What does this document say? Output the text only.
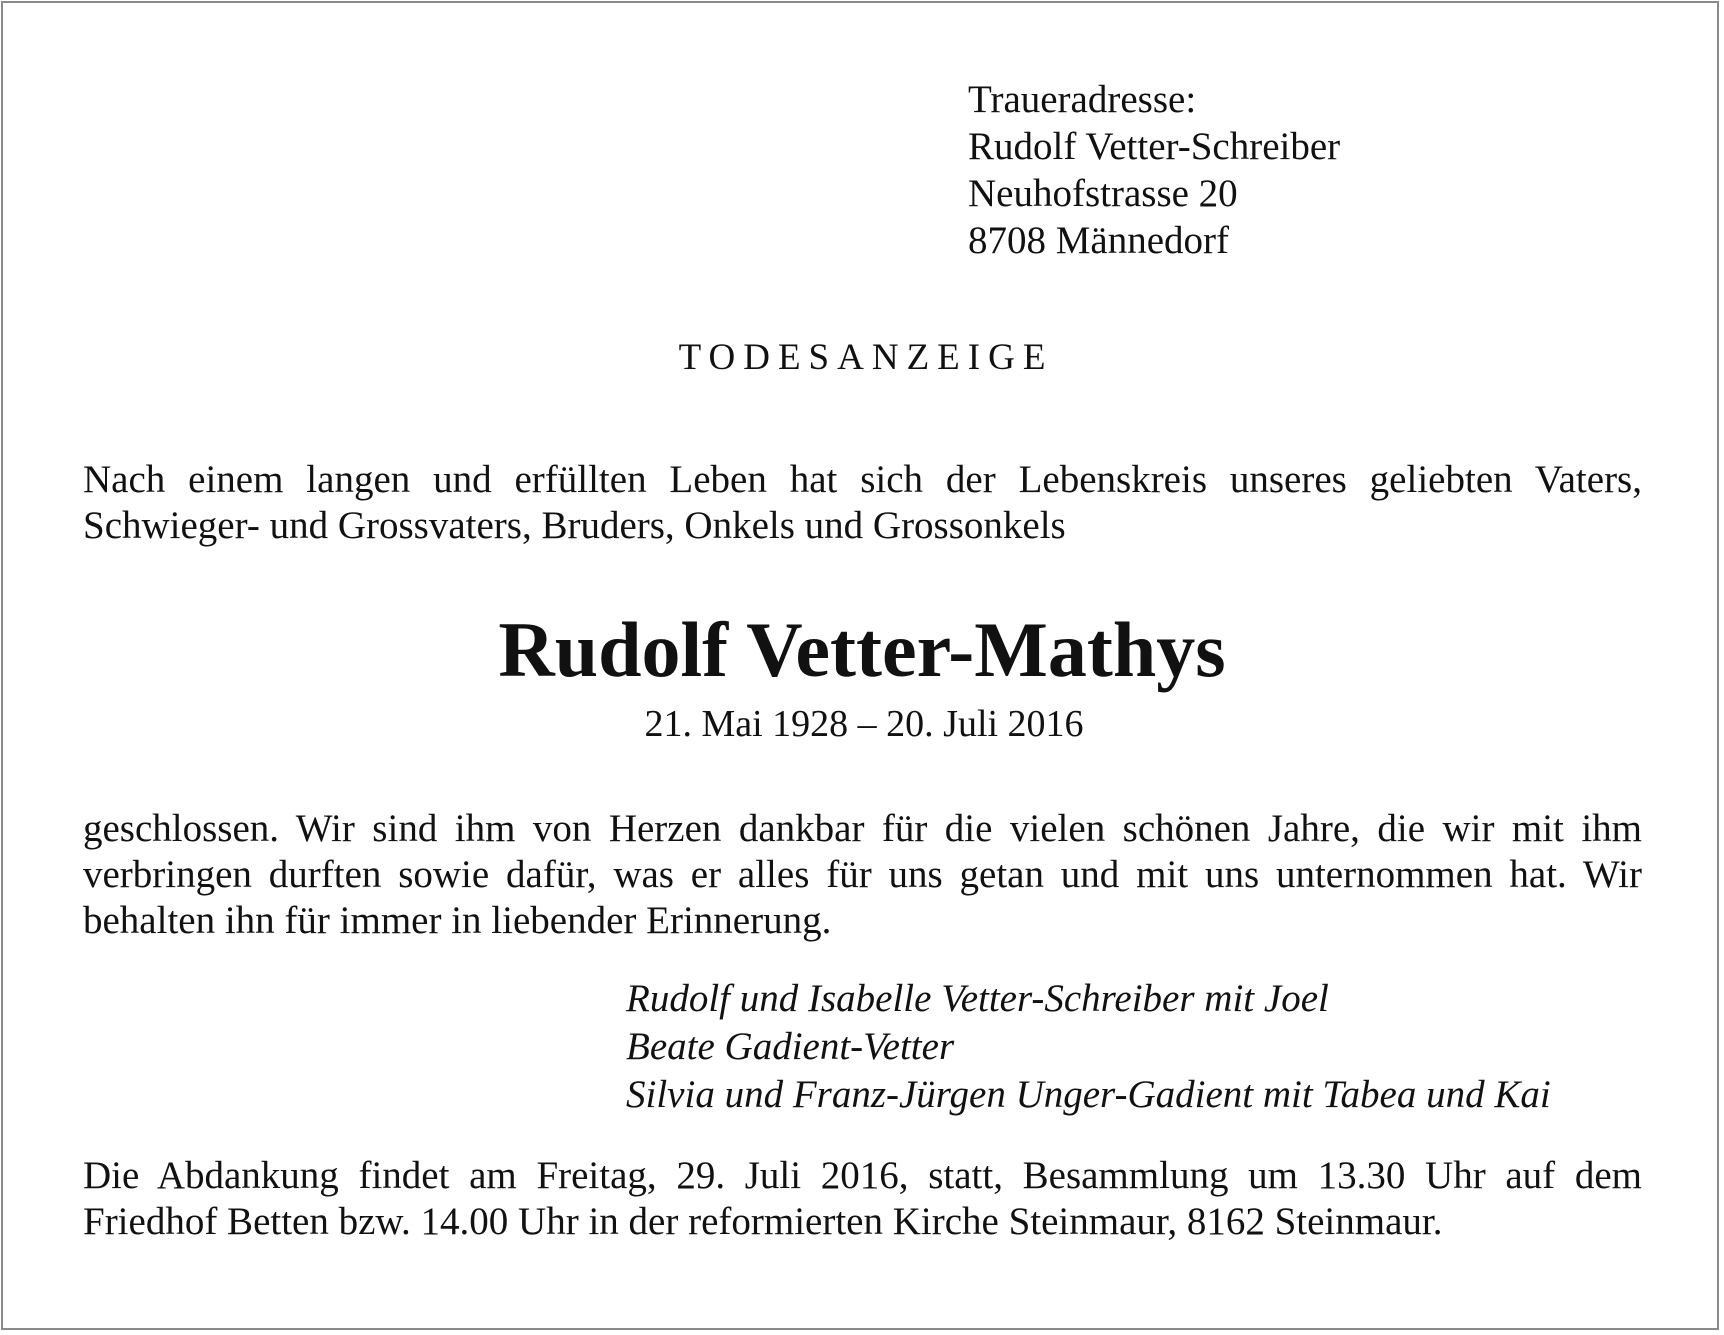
Traueradresse:
Rudolf Vetter-Schreiber
Neuhofstrasse 20
8708 Männedorf
TODESANZEIGE
Nach einem langen und erfüllten Leben hat sich der Lebenskreis unseres geliebten Vaters, Schwieger- und Grossvaters, Bruders, Onkels und Grossonkels
Rudolf Vetter-Mathys
21. Mai 1928 – 20. Juli 2016
geschlossen. Wir sind ihm von Herzen dankbar für die vielen schönen Jahre, die wir mit ihm verbringen durften sowie dafür, was er alles für uns getan und mit uns unternommen hat. Wir behalten ihn für immer in liebender Erinnerung.
Rudolf und Isabelle Vetter-Schreiber mit Joel
Beate Gadient-Vetter
Silvia und Franz-Jürgen Unger-Gadient mit Tabea und Kai
Die Abdankung findet am Freitag, 29. Juli 2016, statt, Besammlung um 13.30 Uhr auf dem Friedhof Betten bzw. 14.00 Uhr in der reformierten Kirche Steinmaur, 8162 Steinmaur.
